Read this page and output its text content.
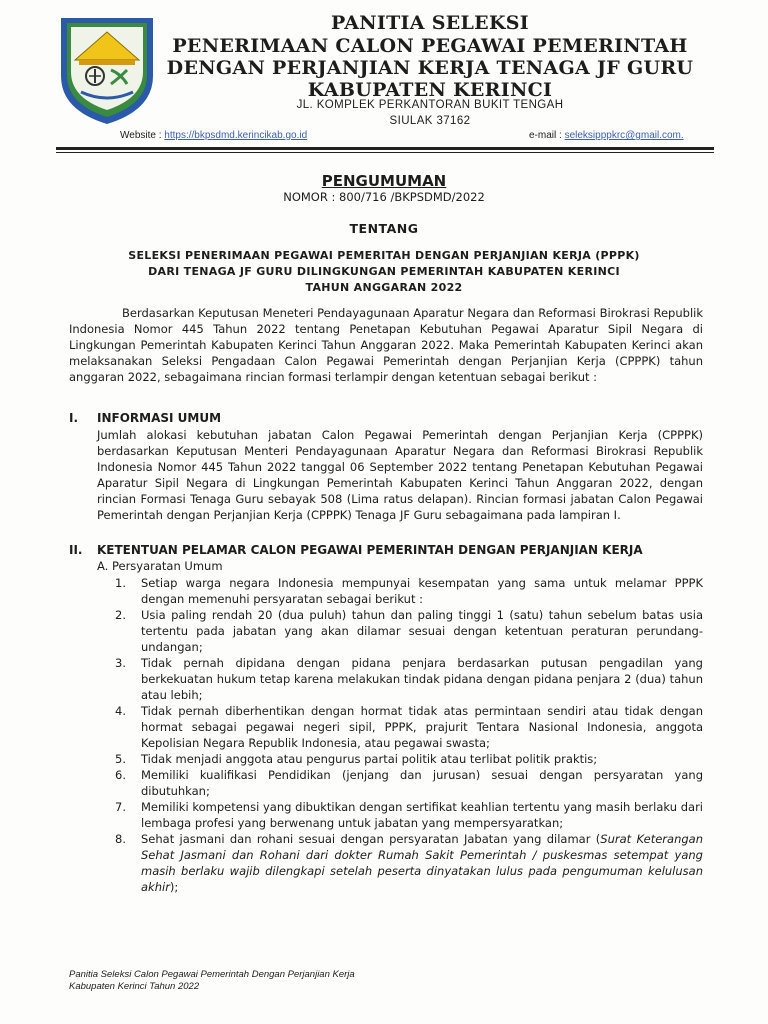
PANITIA SELEKSI
PENERIMAAN CALON PEGAWAI PEMERINTAH
DENGAN PERJANJIAN KERJA TENAGA JF GURU
KABUPATEN KERINCI
JL. KOMPLEK PERKANTORAN BUKIT TENGAH
SIULAK 37162
Website : https://bkpsdmd.kerincikab.go.id	e-mail : seleksipppkrc@gmail.com.
PENGUMUMAN
NOMOR : 800/716 /BKPSDMD/2022
TENTANG
SELEKSI PENERIMAAN PEGAWAI PEMERITAH DENGAN PERJANJIAN KERJA (PPPK)
DARI TENAGA JF GURU DILINGKUNGAN PEMERINTAH KABUPATEN KERINCI
TAHUN ANGGARAN 2022
Berdasarkan Keputusan Meneteri Pendayagunaan Aparatur Negara dan Reformasi Birokrasi Republik Indonesia Nomor 445 Tahun 2022 tentang Penetapan Kebutuhan Pegawai Aparatur Sipil Negara di Lingkungan Pemerintah Kabupaten Kerinci Tahun Anggaran 2022. Maka Pemerintah Kabupaten Kerinci akan melaksanakan Seleksi Pengadaan Calon Pegawai Pemerintah dengan Perjanjian Kerja (CPPPK) tahun anggaran 2022, sebagaimana rincian formasi terlampir dengan ketentuan sebagai berikut :
I. INFORMASI UMUM
Jumlah alokasi kebutuhan jabatan Calon Pegawai Pemerintah dengan Perjanjian Kerja (CPPPK) berdasarkan Keputusan Menteri Pendayagunaan Aparatur Negara dan Reformasi Birokrasi Republik Indonesia Nomor 445 Tahun 2022 tanggal 06 September 2022 tentang Penetapan Kebutuhan Pegawai Aparatur Sipil Negara di Lingkungan Pemerintah Kabupaten Kerinci Tahun Anggaran 2022, dengan rincian Formasi Tenaga Guru sebayak 508 (Lima ratus delapan). Rincian formasi jabatan Calon Pegawai Pemerintah dengan Perjanjian Kerja (CPPPK) Tenaga JF Guru sebagaimana pada lampiran I.
II. KETENTUAN PELAMAR CALON PEGAWAI PEMERINTAH DENGAN PERJANJIAN KERJA
A. Persyaratan Umum
1. Setiap warga negara Indonesia mempunyai kesempatan yang sama untuk melamar PPPK dengan memenuhi persyaratan sebagai berikut :
2. Usia paling rendah 20 (dua puluh) tahun dan paling tinggi 1 (satu) tahun sebelum batas usia tertentu pada jabatan yang akan dilamar sesuai dengan ketentuan peraturan perundang-undangan;
3. Tidak pernah dipidana dengan pidana penjara berdasarkan putusan pengadilan yang berkekuatan hukum tetap karena melakukan tindak pidana dengan pidana penjara 2 (dua) tahun atau lebih;
4. Tidak pernah diberhentikan dengan hormat tidak atas permintaan sendiri atau tidak dengan hormat sebagai pegawai negeri sipil, PPPK, prajurit Tentara Nasional Indonesia, anggota Kepolisian Negara Republik Indonesia, atau pegawai swasta;
5. Tidak menjadi anggota atau pengurus partai politik atau terlibat politik praktis;
6. Memiliki kualifikasi Pendidikan (jenjang dan jurusan) sesuai dengan persyaratan yang dibutuhkan;
7. Memiliki kompetensi yang dibuktikan dengan sertifikat keahlian tertentu yang masih berlaku dari lembaga profesi yang berwenang untuk jabatan yang mempersyaratkan;
8. Sehat jasmani dan rohani sesuai dengan persyaratan Jabatan yang dilamar (Surat Keterangan Sehat Jasmani dan Rohani dari dokter Rumah Sakit Pemerintah / puskesmas setempat yang masih berlaku wajib dilengkapi setelah peserta dinyatakan lulus pada pengumuman kelulusan akhir);
Panitia Seleksi Calon Pegawai Pemerintah Dengan Perjanjian Kerja
Kabupaten Kerinci Tahun 2022
